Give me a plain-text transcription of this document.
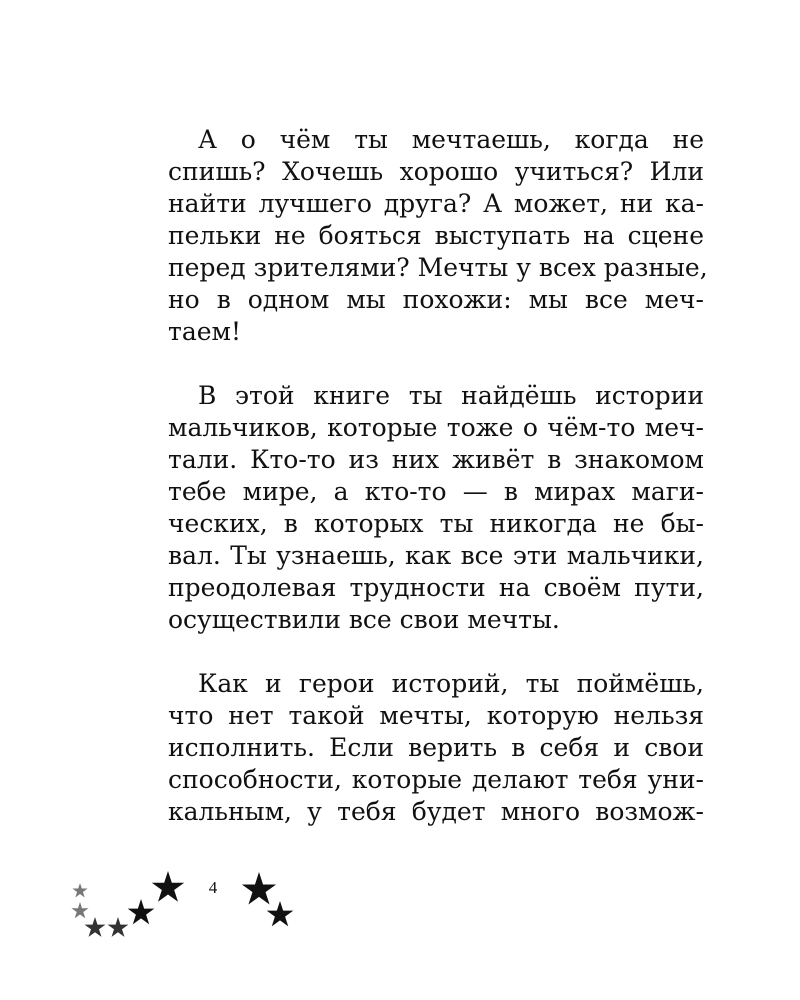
А о чём ты мечтаешь, когда не
спишь? Хочешь хорошо учиться? Или
найти лучшего друга? А может, ни ка-
пельки не бояться выступать на сцене
перед зрителями? Мечты у всех разные,
но в одном мы похожи: мы все меч-
таем!
В этой книге ты найдёшь истории
мальчиков, которые тоже о чём-то меч-
тали. Кто-то из них живёт в знакомом
тебе мире, а кто-то — в мирах маги-
ческих, в которых ты никогда не бы-
вал. Ты узнаешь, как все эти мальчики,
преодолевая трудности на своём пути,
осуществили все свои мечты.
Как и герои историй, ты поймёшь,
что нет такой мечты, которую нельзя
исполнить. Если верить в себя и свои
способности, которые делают тебя уни-
кальным, у тебя будет много возмож-
4
